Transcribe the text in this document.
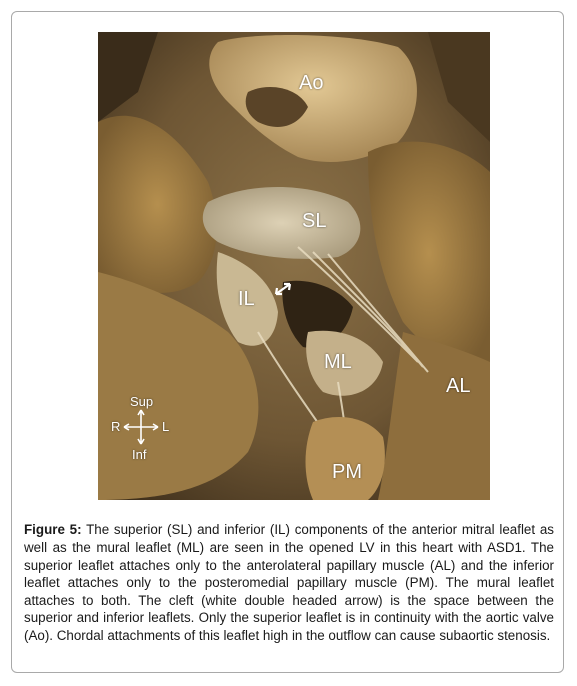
Ao
SL
IL
ML
AL
PM
Sup
Inf
R	L

Figure 5: The superior (SL) and inferior (IL) components of the anterior mitral leaflet as well as the mural leaflet (ML) are seen in the opened LV in this heart with ASD1. The superior leaflet attaches only to the anterolateral papillary muscle (AL) and the inferior leaflet attaches only to the posteromedial papillary muscle (PM). The mural leaflet attaches to both. The cleft (white double headed arrow) is the space between the superior and inferior leaflets. Only the superior leaflet is in continuity with the aortic valve (Ao). Chordal attachments of this leaflet high in the outflow can cause subaortic stenosis.
